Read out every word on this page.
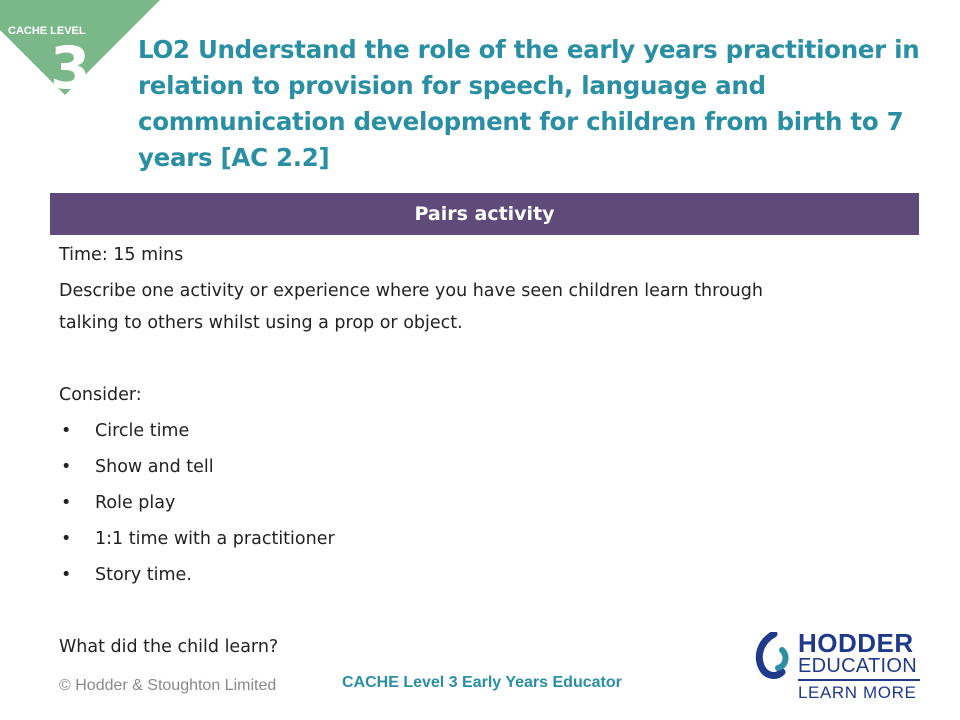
CACHE LEVEL
3 LO2 Understand the role of the early years practitioner in relation to provision for speech, language and communication development for children from birth to 7 years [AC 2.2]
Pairs activity
Time: 15 mins
Describe one activity or experience where you have seen children learn through
talking to others whilst using a prop or object.
Consider:
• Circle time
• Show and tell
• Role play
• 1:1 time with a practitioner
• Story time.
What did the child learn?
© Hodder & Stoughton Limited	CACHE Level 3 Early Years Educator
HODDER
EDUCATION
LEARN MORE
